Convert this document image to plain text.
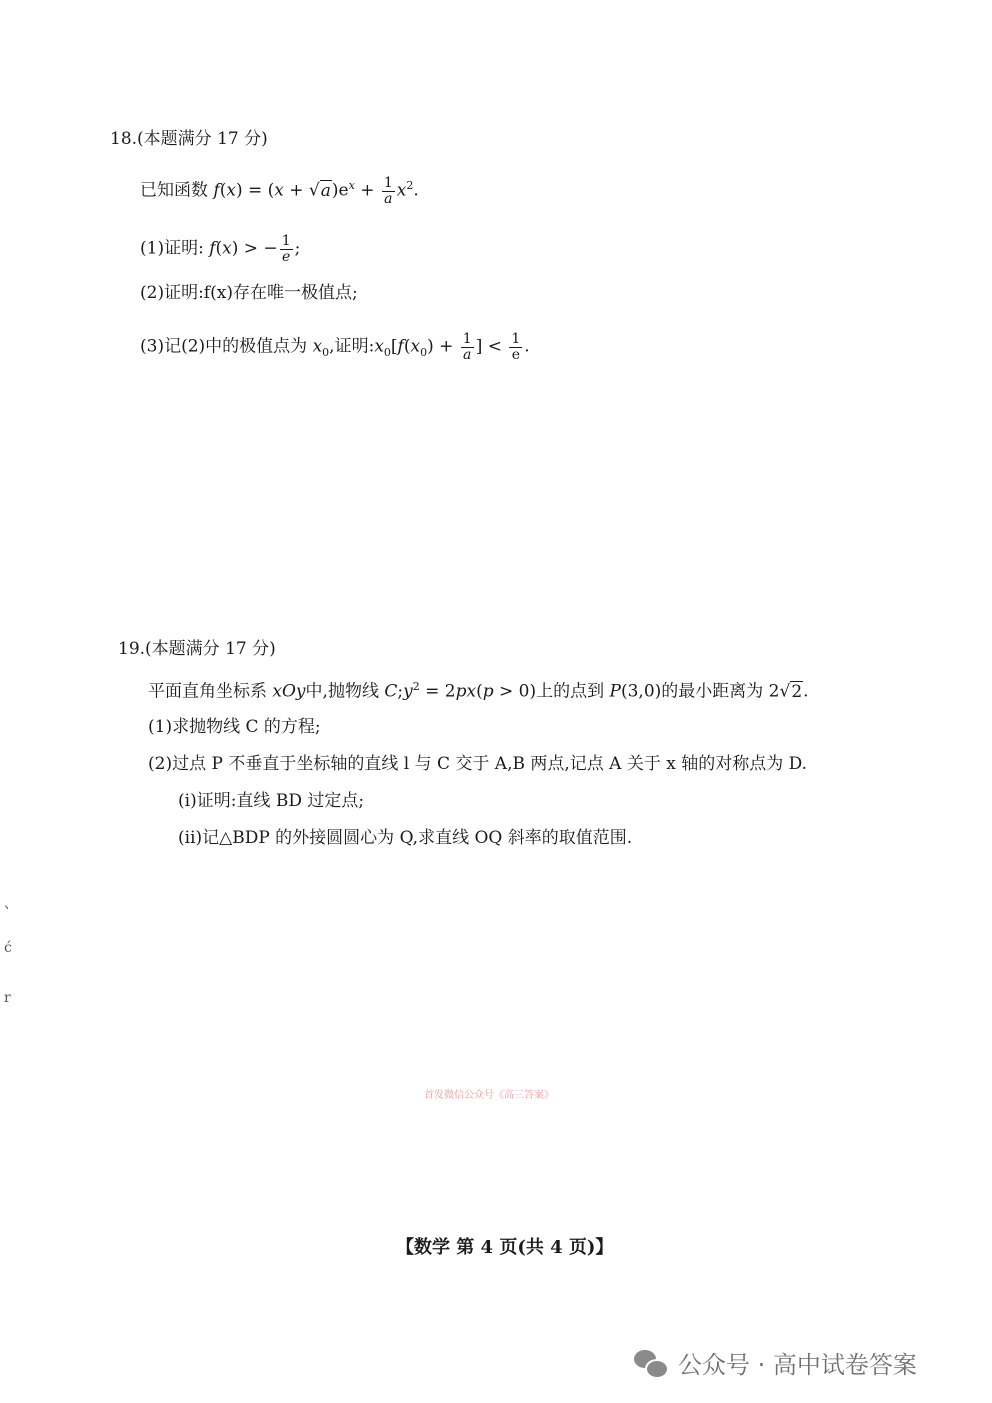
18.(本题满分 17 分)
已知函数 $f(x) = (x + √a)e^x + \frac{1}{a} x^2$.
(1)证明: f(x) > − $\frac{1}{e}$ ;
(2)证明:f(x)存在唯一极值点;
(3)记(2)中的极值点为 $x_0$,证明$:x_0[f(x_0) + \frac{1}{a}$ ] < $\frac{1}{e}$ .
19.(本题满分 17 分)
平面直角坐标系 xOy中,抛物线 $C;y^2 = 2px(p > 0)$上的点到 P(3,0)的最小距离为 2√2.
(1)求抛物线 C 的方程;
(2)过点 P 不垂直于坐标轴的直线 l 与 C 交于 A,B 两点,记点 A 关于 x 轴的对称点为 D.
(ⅰ)证明:直线 BD 过定点;
(ⅱ)记△BDP 的外接圆圆心为 Q,求直线 OQ 斜率的取值范围.
、
ć
r
首发微信公众号《高三答案》
【数学 第 4 页(共 4 页)】
公众号 · 高中试卷答案
